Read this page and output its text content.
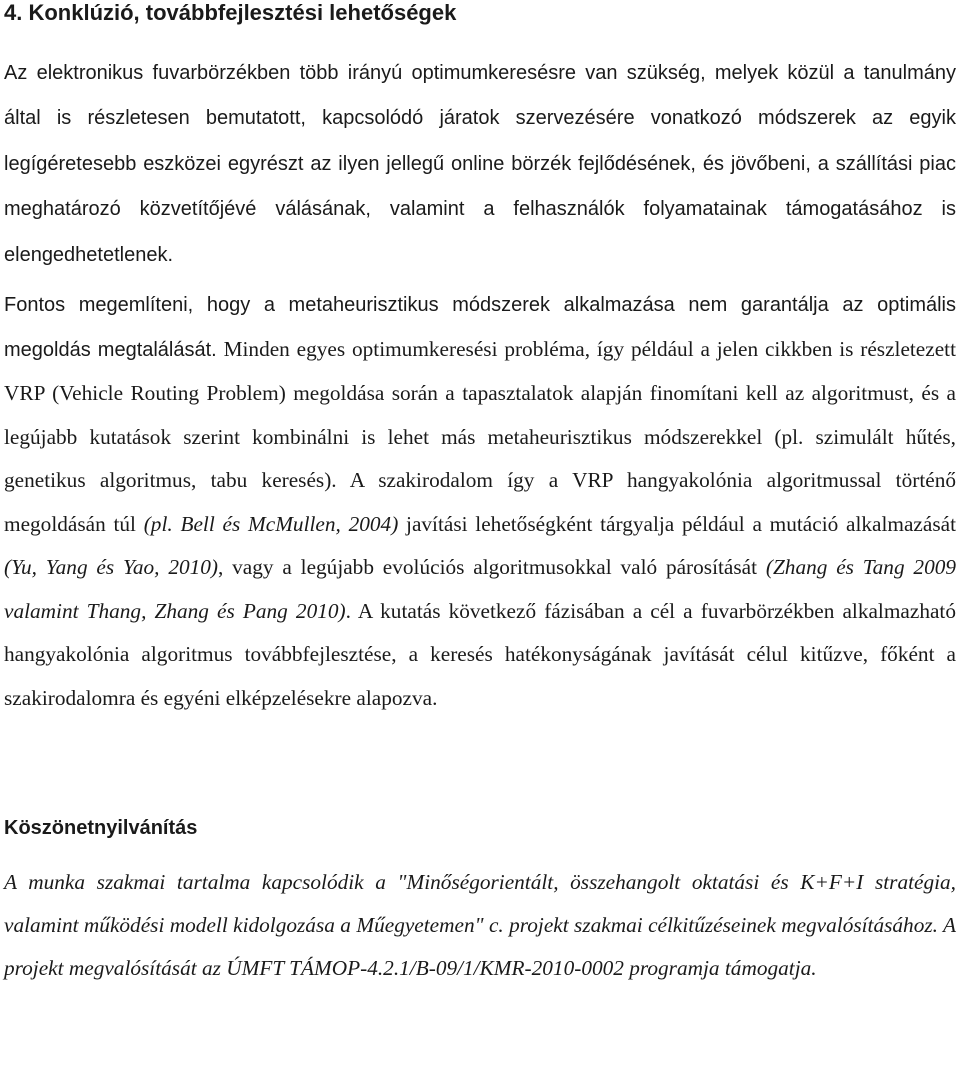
4. Konklúzió, továbbfejlesztési lehetőségek

Az elektronikus fuvarbörzékben több irányú optimumkeresésre van szükség, melyek közül a tanulmány által is részletesen bemutatott, kapcsolódó járatok szervezésére vonatkozó módszerek az egyik legígéretesebb eszközei egyrészt az ilyen jellegű online börzék fejlődésének, és jövőbeni, a szállítási piac meghatározó közvetítőjévé válásának, valamint a felhasználók folyamatainak támogatásához is elengedhetetlenek.

Fontos megemlíteni, hogy a metaheurisztikus módszerek alkalmazása nem garantálja az optimális megoldás megtalálását. Minden egyes optimumkeresési probléma, így például a jelen cikkben is részletezett VRP (Vehicle Routing Problem) megoldása során a tapasztalatok alapján finomítani kell az algoritmust, és a legújabb kutatások szerint kombinálni is lehet más metaheurisztikus módszerekkel (pl. szimulált hűtés, genetikus algoritmus, tabu keresés). A szakirodalom így a VRP hangyakolónia algoritmussal történő megoldásán túl (pl. Bell és McMullen, 2004) javítási lehetőségként tárgyalja például a mutáció alkalmazását (Yu, Yang és Yao, 2010), vagy a legújabb evolúciós algoritmusokkal való párosítását (Zhang és Tang 2009 valamint Thang, Zhang és Pang 2010). A kutatás következő fázisában a cél a fuvarbörzékben alkalmazható hangyakolónia algoritmus továbbfejlesztése, a keresés hatékonyságának javítását célul kitűzve, főként a szakirodalomra és egyéni elképzelésekre alapozva.

Köszönetnyilvánítás

A munka szakmai tartalma kapcsolódik a "Minőségorientált, összehangolt oktatási és K+F+I stratégia, valamint működési modell kidolgozása a Műegyetemen" c. projekt szakmai célkitűzéseinek megvalósításához. A projekt megvalósítását az ÚMFT TÁMOP-4.2.1/B-09/1/KMR-2010-0002 programja támogatja.
